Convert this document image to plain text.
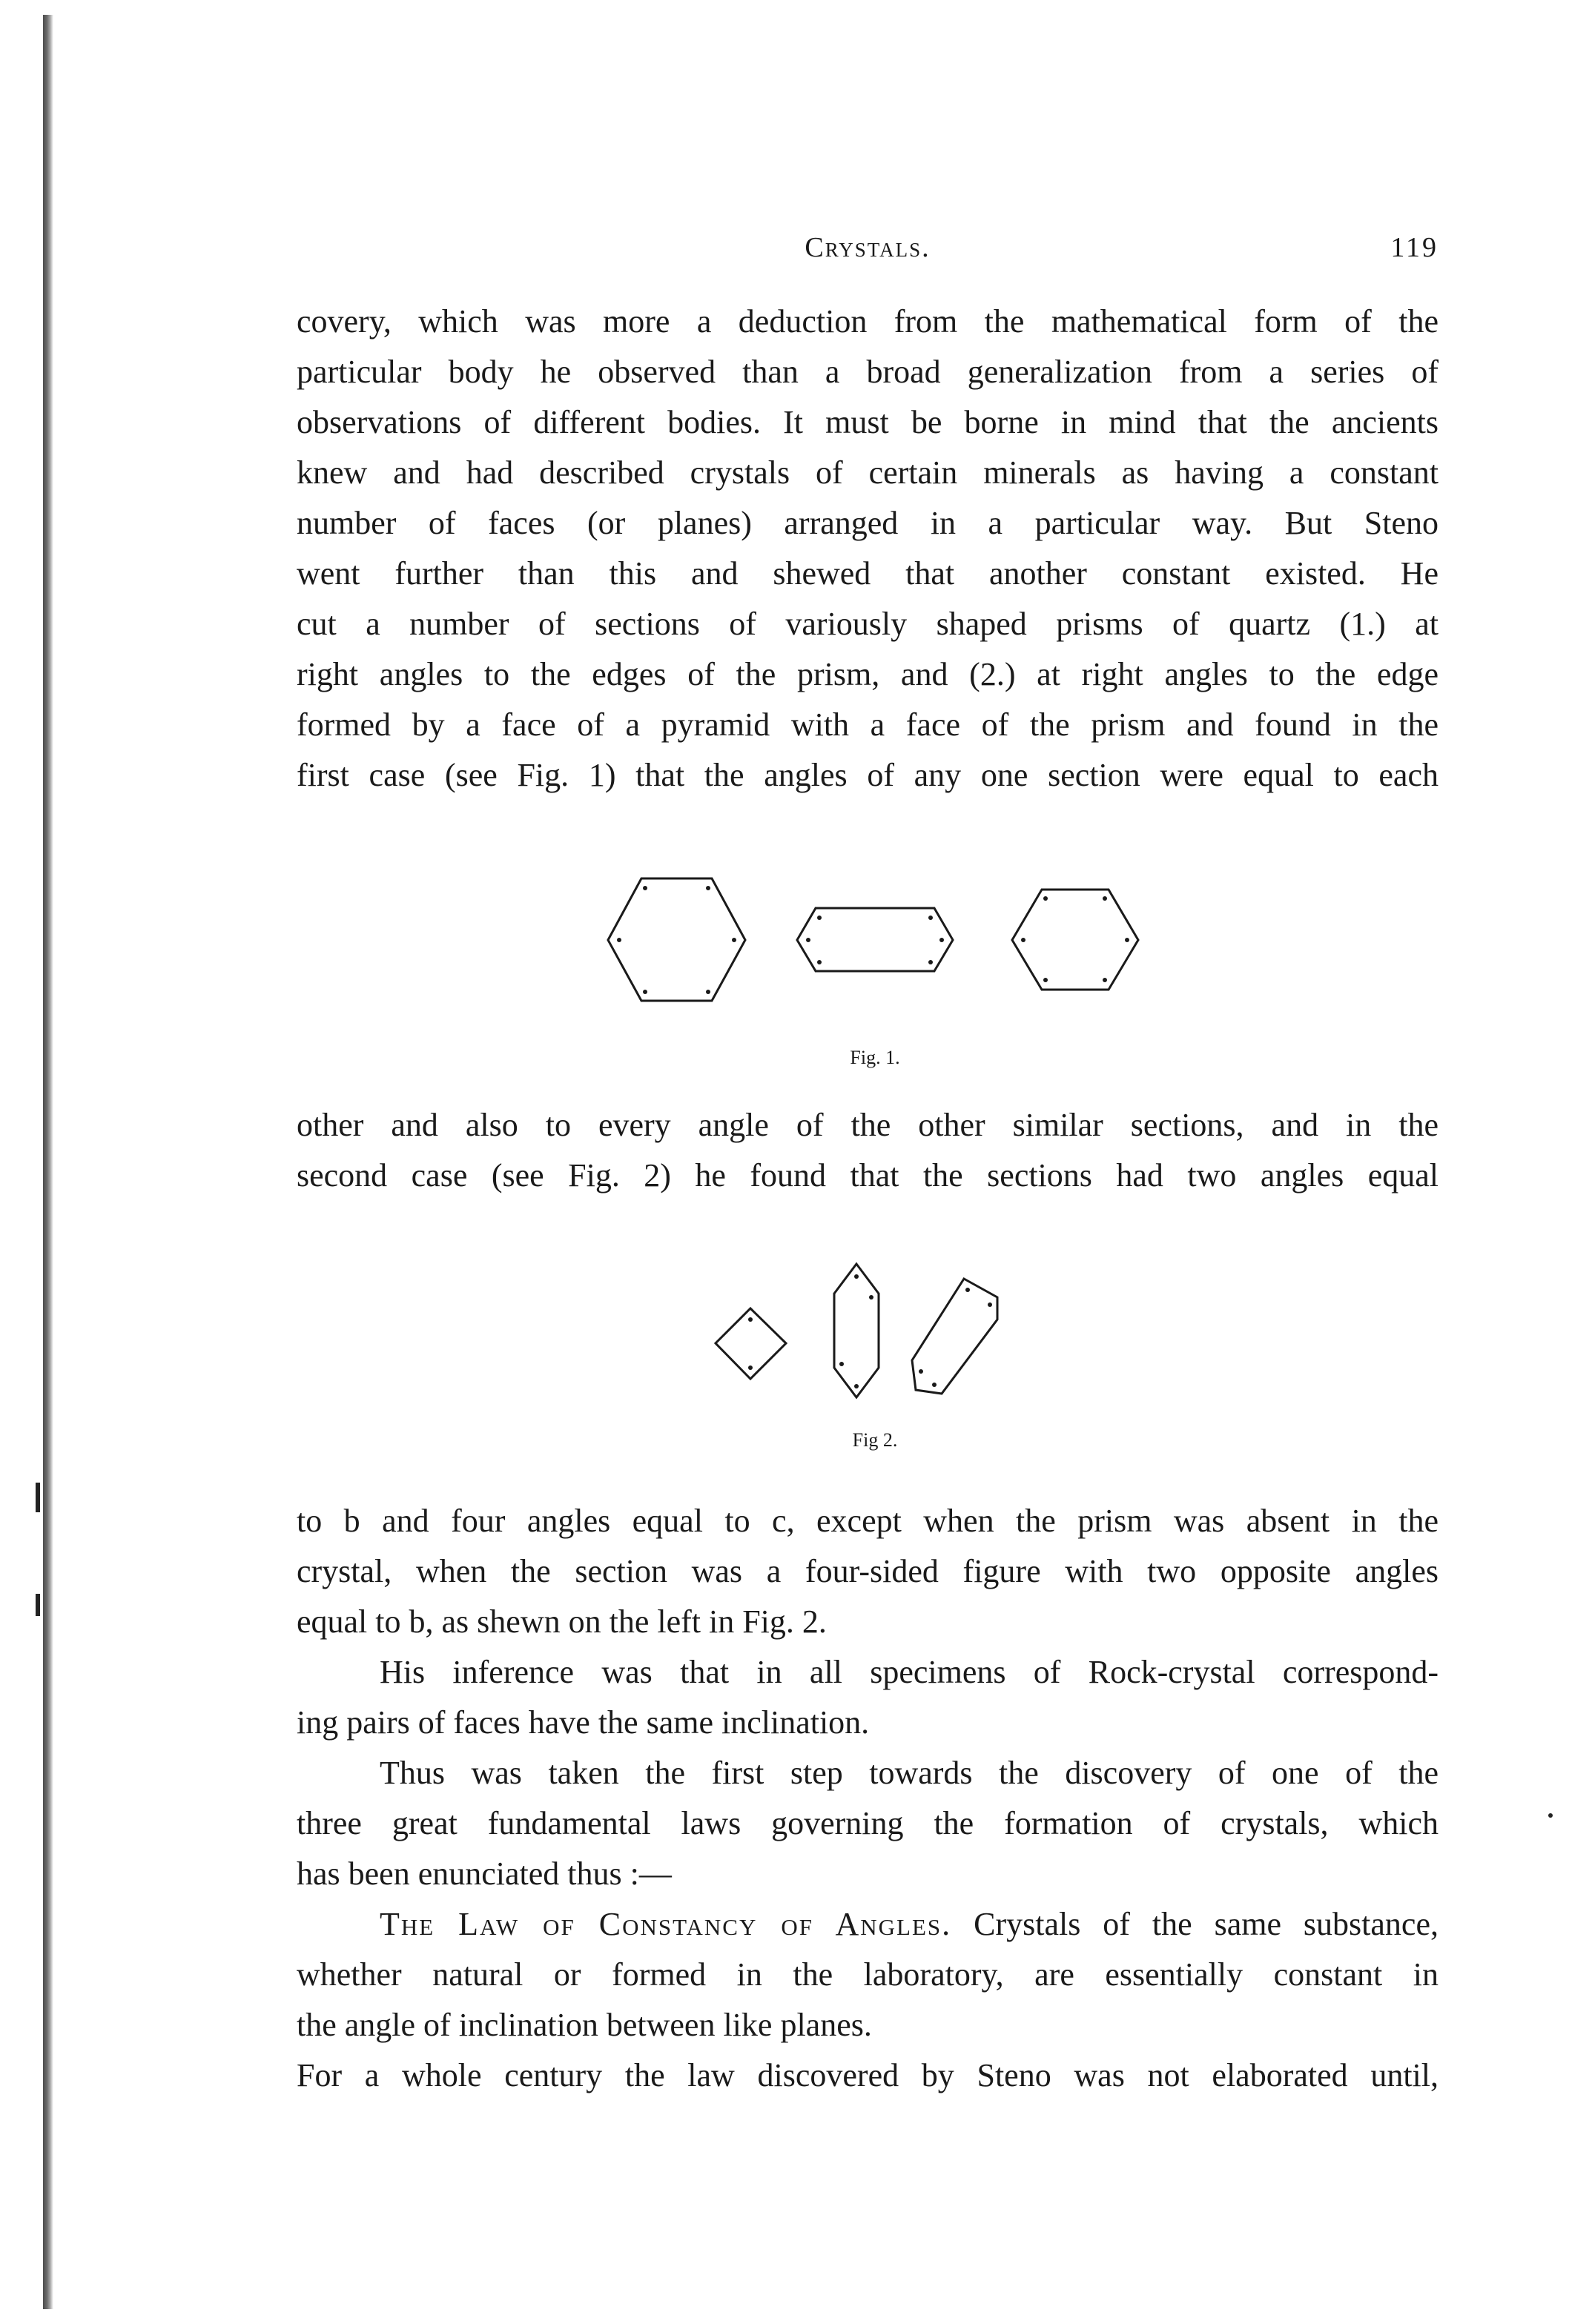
Crystals.	119
covery, which was more a deduction from the mathematical form of the
particular body he observed than a broad generalization from a series of
observations of different bodies. It must be borne in mind that the ancients
knew and had described crystals of certain minerals as having a constant
number of faces (or planes) arranged in a particular way. But Steno
went further than this and shewed that another constant existed. He
cut a number of sections of variously shaped prisms of quartz (1.) at
right angles to the edges of the prism, and (2.) at right angles to the edge
formed by a face of a pyramid with a face of the prism and found in the
first case (see Fig. 1) that the angles of any one section were equal to each
Fig. 1.
other and also to every angle of the other similar sections, and in the
second case (see Fig. 2) he found that the sections had two angles equal
Fig 2.
to b and four angles equal to c, except when the prism was absent in the
crystal, when the section was a four-sided figure with two opposite angles
equal to b, as shewn on the left in Fig. 2.
His inference was that in all specimens of Rock-crystal correspond-
ing pairs of faces have the same inclination.
Thus was taken the first step towards the discovery of one of the
three great fundamental laws governing the formation of crystals, which
has been enunciated thus :—
The Law of Constancy of Angles. Crystals of the same substance,
whether natural or formed in the laboratory, are essentially constant in
the angle of inclination between like planes.
For a whole century the law discovered by Steno was not elaborated until,
